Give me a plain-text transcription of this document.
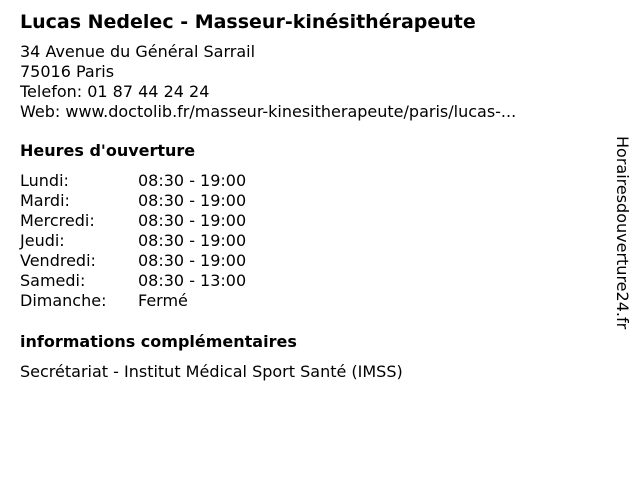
Lucas Nedelec - Masseur-kinésithérapeute
34 Avenue du Général Sarrail
75016 Paris
Telefon: 01 87 44 24 24
Web: www.doctolib.fr/masseur-kinesitherapeute/paris/lucas-...
Heures d'ouverture
Lundi:	08:30 - 19:00
Mardi:	08:30 - 19:00
Mercredi:	08:30 - 19:00
Jeudi:	08:30 - 19:00
Vendredi:	08:30 - 19:00
Samedi:	08:30 - 13:00
Dimanche:	Fermé
informations complémentaires
Secrétariat - Institut Médical Sport Santé (IMSS)
Horairesdouverture24.fr
